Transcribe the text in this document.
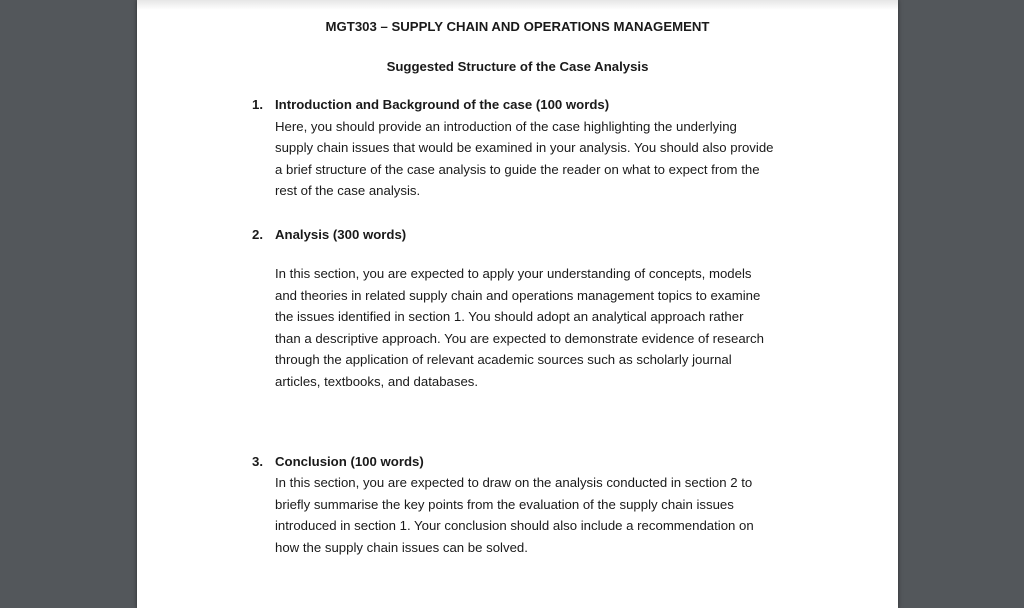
MGT303 – SUPPLY CHAIN AND OPERATIONS MANAGEMENT
Suggested Structure of the Case Analysis
1. Introduction and Background of the case (100 words)
Here, you should provide an introduction of the case highlighting the underlying
supply chain issues that would be examined in your analysis. You should also provide
a brief structure of the case analysis to guide the reader on what to expect from the
rest of the case analysis.
2. Analysis (300 words)
In this section, you are expected to apply your understanding of concepts, models
and theories in related supply chain and operations management topics to examine
the issues identified in section 1. You should adopt an analytical approach rather
than a descriptive approach. You are expected to demonstrate evidence of research
through the application of relevant academic sources such as scholarly journal
articles, textbooks, and databases.
3. Conclusion (100 words)
In this section, you are expected to draw on the analysis conducted in section 2 to
briefly summarise the key points from the evaluation of the supply chain issues
introduced in section 1. Your conclusion should also include a recommendation on
how the supply chain issues can be solved.
